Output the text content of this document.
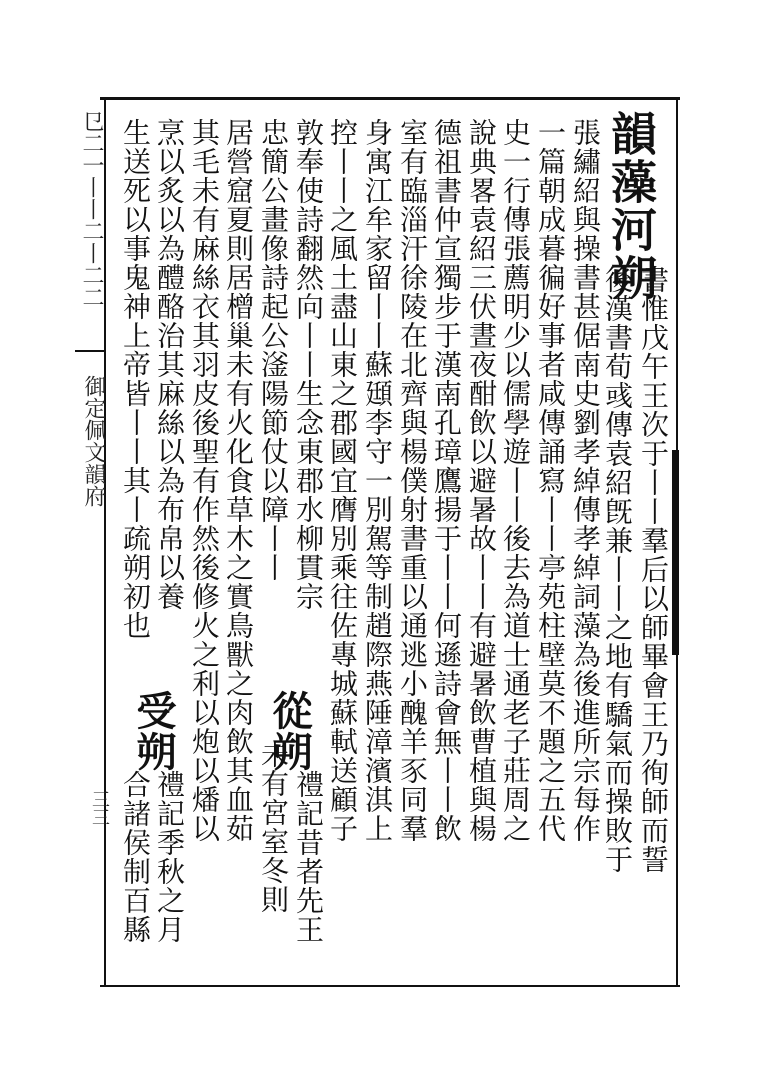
韻藻河朔
書惟戊午王次于丨丨羣后以師畢會王乃徇師而誓
後漢書荀彧傳袁紹旣兼丨丨之地有驕氣而操敗于
張繡紹與操書甚倨南史劉孝綽傳孝綽詞藻為後進所宗每作
一篇朝成暮徧好事者咸傳誦寫丨丨亭苑柱壁莫不題之五代
史一行傳張薦明少以儒學遊丨丨後去為道士通老子莊周之
說典畧袁紹三伏晝夜酣飲以避暑故丨丨有避暑飲曹植與楊
德祖書仲宣獨步于漢南孔璋鷹揚于丨丨何遜詩會無丨丨飲
室有臨淄汗徐陵在北齊與楊僕射書重以通逃小醜羊豕同羣
身寓江牟家留丨丨蘇頲李守一別駕等制趙際燕陲漳濱淇上
控丨丨之風土盡山東之郡國宜膺別乘往佐專城蘇軾送顧子
敦奉使詩翻然向丨丨生念東郡水柳貫宗
從朔
禮記昔者先王
忠簡公畫像詩起公滏陽節仗以障丨丨
未有宮室冬則
居營窟夏則居橧巢未有火化食草木之實鳥獸之肉飲其血茹
其毛未有麻絲衣其羽皮後聖有作然後修火之利以炮以燔以
烹以炙以為醴酪治其麻絲以為布帛以養
受朔
禮記季秋之月
生送死以事鬼神上帝皆丨丨其丨疏朔初也
合諸侯制百縣
㔾二一丨丨二丨二二
御定佩文韻府
三三
